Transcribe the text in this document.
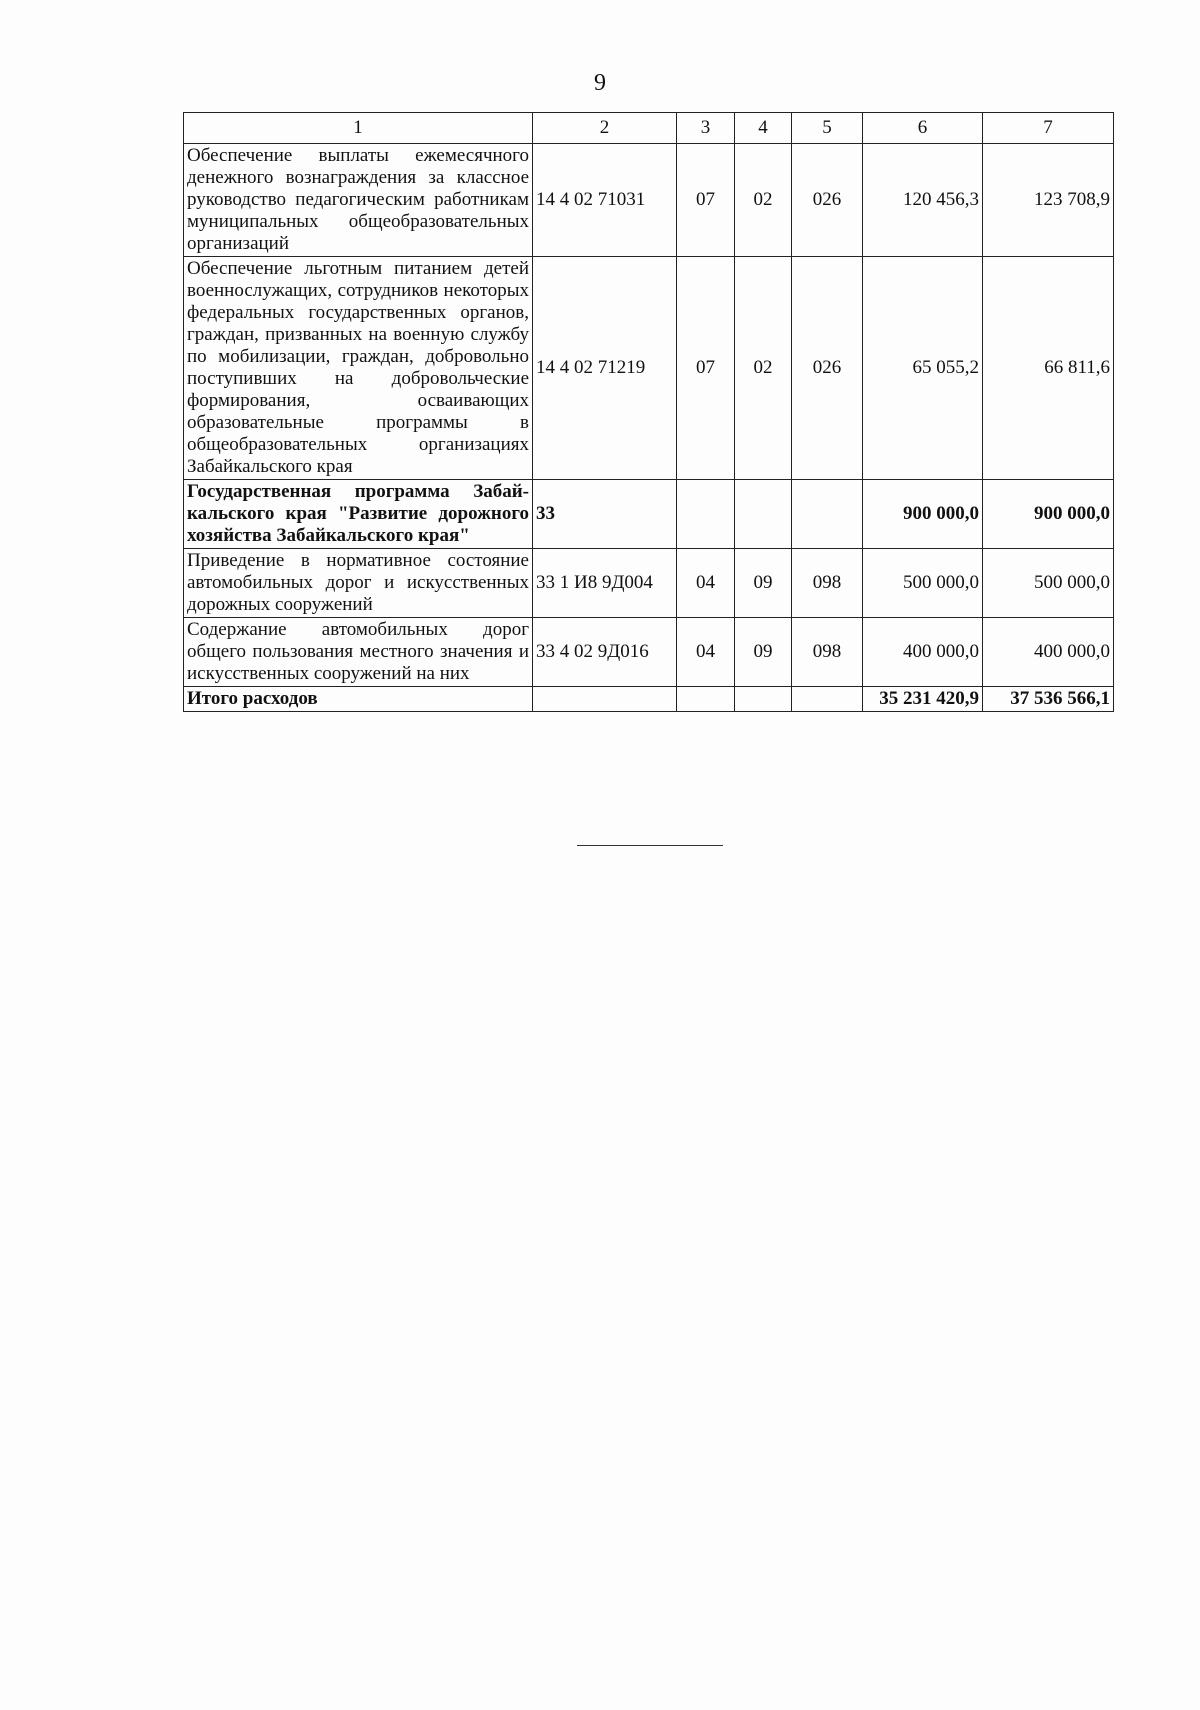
9
1	2	3	4	5	6	7
Обеспечение выплаты ежемесячного денежного вознаграждения за классное руководство педагогическим работникам муниципальных общеобразовательных организаций	14 4 02 71031	07	02	026	120 456,3	123 708,9
Обеспечение льготным питанием детей военнослужащих, сотрудников некоторых федеральных государственных органов, граждан, призванных на военную службу по мобилизации, граждан, добровольно поступивших на добровольческие формирования, осваивающих образовательные программы в общеобразовательных организациях Забайкальского края	14 4 02 71219	07	02	026	65 055,2	66 811,6
Государственная программа Забайкальского края "Развитие дорожного хозяйства Забайкальского края"	33				900 000,0	900 000,0
Приведение в нормативное состояние автомобильных дорог и искусственных дорожных сооружений	33 1 И8 9Д004	04	09	098	500 000,0	500 000,0
Содержание автомобильных дорог общего пользования местного значения и искусственных сооружений на них	33 4 02 9Д016	04	09	098	400 000,0	400 000,0
Итого расходов					35 231 420,9	37 536 566,1
